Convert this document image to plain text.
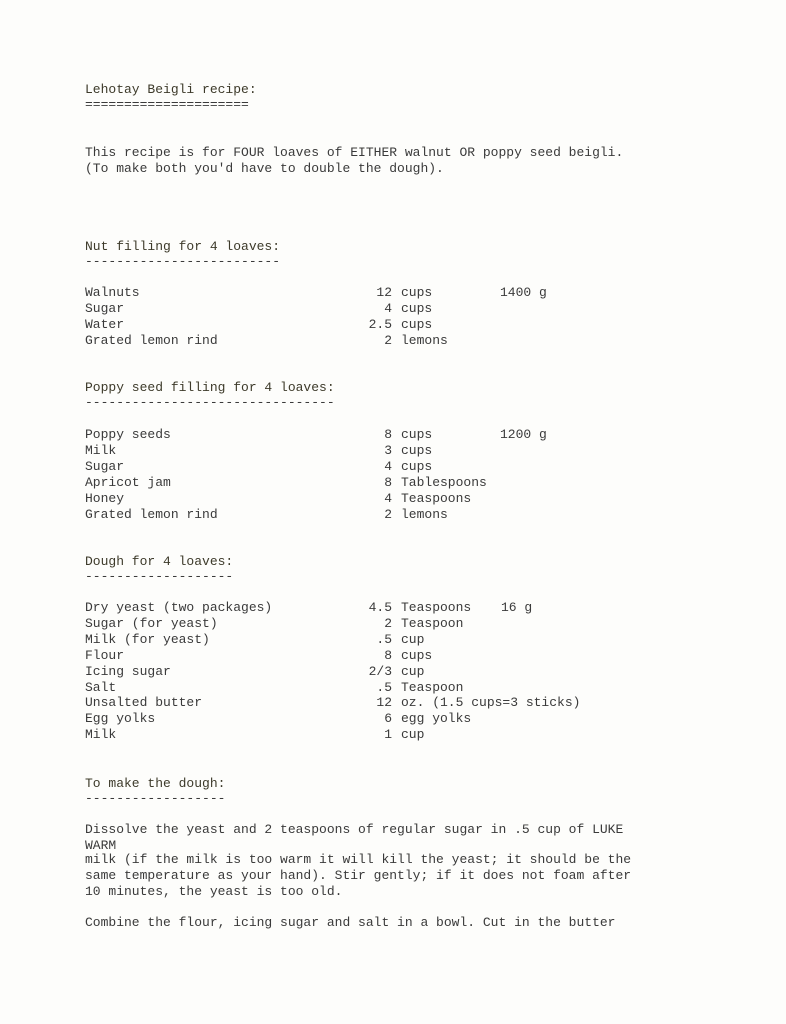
Lehotay Beigli recipe:
=====================
This recipe is for FOUR loaves of EITHER walnut OR poppy seed beigli.
(To make both you'd have to double the dough).
Nut filling for 4 loaves:
-------------------------
Walnuts	12 cups	1400 g
Sugar	4 cups
Water	2.5 cups
Grated lemon rind	2 lemons
Poppy seed filling for 4 loaves:
--------------------------------
Poppy seeds	8 cups	1200 g
Milk	3 cups
Sugar	4 cups
Apricot jam	8 Tablespoons
Honey	4 Teaspoons
Grated lemon rind	2 lemons
Dough for 4 loaves:
-------------------
Dry yeast (two packages)	4.5 Teaspoons 16 g
Sugar (for yeast)	2 Teaspoon
Milk (for yeast)	.5 cup
Flour	8 cups
Icing sugar	2/3 cup
Salt	.5 Teaspoon
Unsalted butter	12 oz. (1.5 cups=3 sticks)
Egg yolks	6 egg yolks
Milk	1 cup
To make the dough:
------------------
Dissolve the yeast and 2 teaspoons of regular sugar in .5 cup of LUKE
WARM
milk (if the milk is too warm it will kill the yeast; it should be the
same temperature as your hand). Stir gently; if it does not foam after
10 minutes, the yeast is too old.
Combine the flour, icing sugar and salt in a bowl. Cut in the butter
